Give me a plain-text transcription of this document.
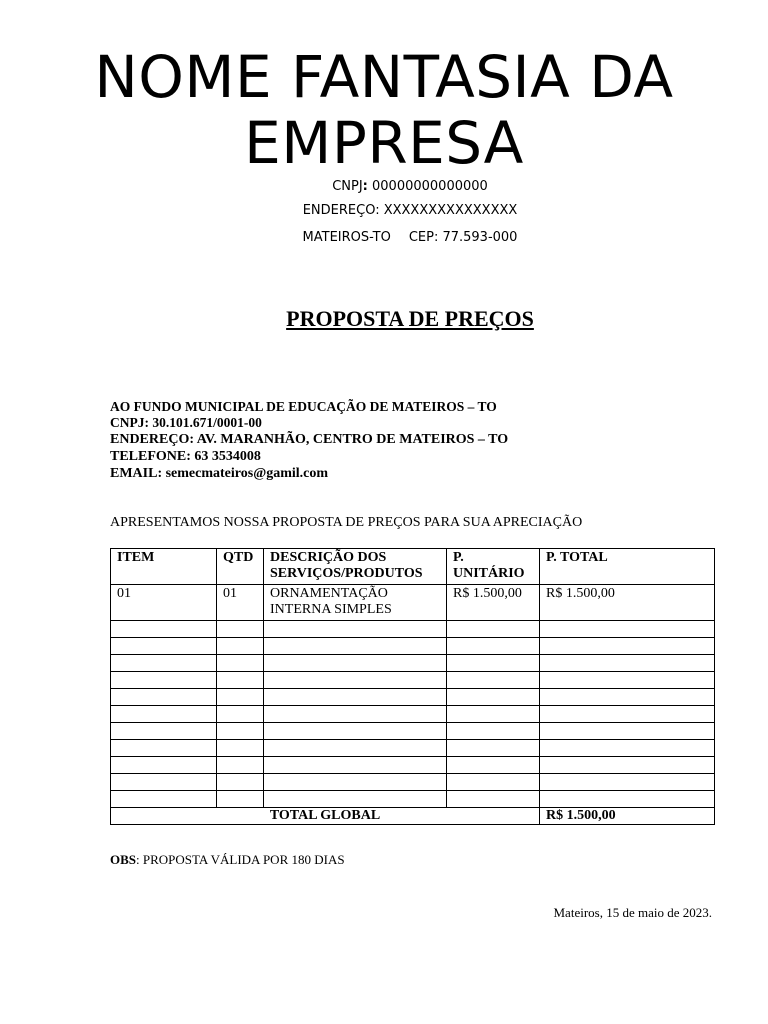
NOME FANTASIA DA EMPRESA
CNPJ: 00000000000000
ENDEREÇO: XXXXXXXXXXXXXXX
MATEIROS-TO CEP: 77.593-000
PROPOSTA DE PREÇOS
AO FUNDO MUNICIPAL DE EDUCAÇÃO DE MATEIROS – TO
CNPJ: 30.101.671/0001-00
ENDEREÇO: AV. MARANHÃO, CENTRO DE MATEIROS – TO
TELEFONE: 63 3534008
EMAIL: semecmateiros@gamil.com
APRESENTAMOS NOSSA PROPOSTA DE PREÇOS PARA SUA APRECIAÇÃO
ITEM	QTD	DESCRIÇÃO DOS SERVIÇOS/PRODUTOS	P. UNITÁRIO	P. TOTAL
01	01	ORNAMENTAÇÃO INTERNA SIMPLES	R$ 1.500,00	R$ 1.500,00

TOTAL GLOBAL				R$ 1.500,00
OBS: PROPOSTA VÁLIDA POR 180 DIAS
Mateiros, 15 de maio de 2023.
